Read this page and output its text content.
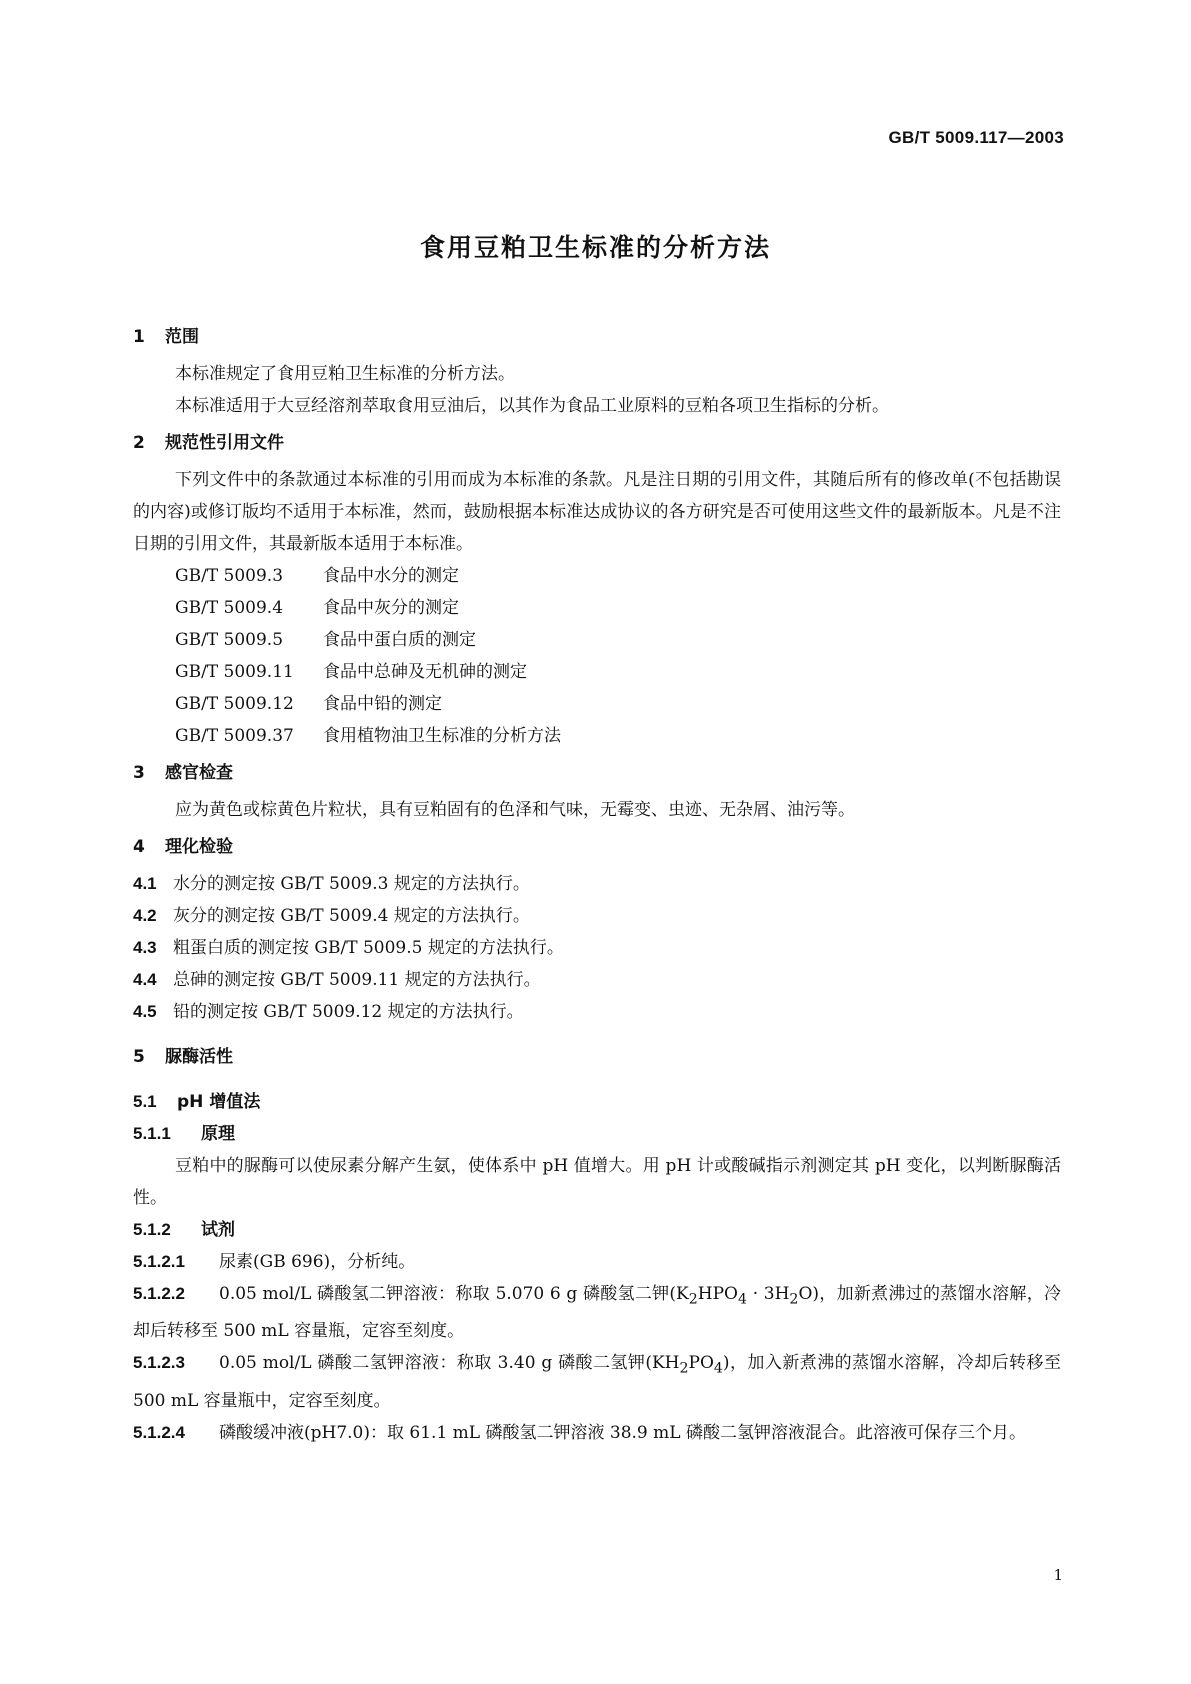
GB/T 5009.117—2003
食用豆粕卫生标准的分析方法
1 范围
本标准规定了食用豆粕卫生标准的分析方法。
本标准适用于大豆经溶剂萃取食用豆油后，以其作为食品工业原料的豆粕各项卫生指标的分析。
2 规范性引用文件
下列文件中的条款通过本标准的引用而成为本标准的条款。凡是注日期的引用文件，其随后所有的修改单(不包括勘误的内容)或修订版均不适用于本标准，然而，鼓励根据本标准达成协议的各方研究是否可使用这些文件的最新版本。凡是不注日期的引用文件，其最新版本适用于本标准。
GB/T 5009.3 食品中水分的测定
GB/T 5009.4 食品中灰分的测定
GB/T 5009.5 食品中蛋白质的测定
GB/T 5009.11 食品中总砷及无机砷的测定
GB/T 5009.12 食品中铅的测定
GB/T 5009.37 食用植物油卫生标准的分析方法
3 感官检查
应为黄色或棕黄色片粒状，具有豆粕固有的色泽和气味，无霉变、虫迹、无杂屑、油污等。
4 理化检验
4.1 水分的测定按 GB/T 5009.3 规定的方法执行。
4.2 灰分的测定按 GB/T 5009.4 规定的方法执行。
4.3 粗蛋白质的测定按 GB/T 5009.5 规定的方法执行。
4.4 总砷的测定按 GB/T 5009.11 规定的方法执行。
4.5 铅的测定按 GB/T 5009.12 规定的方法执行。
5 脲酶活性
5.1 pH 增值法
5.1.1 原理
豆粕中的脲酶可以使尿素分解产生氨，使体系中 pH 值增大。用 pH 计或酸碱指示剂测定其 pH 变化，以判断脲酶活性。
5.1.2 试剂
5.1.2.1 尿素(GB 696)，分析纯。
5.1.2.2 0.05 mol/L 磷酸氢二钾溶液：称取 5.070 6 g 磷酸氢二钾$(K_2HPO_4 \cdot 3H_2O)$，加新煮沸过的蒸馏水溶解，冷却后转移至 500 mL 容量瓶，定容至刻度。
5.1.2.3 0.05 mol/L 磷酸二氢钾溶液：称取 3.40 g 磷酸二氢钾$(KH_2PO_4)$，加入新煮沸的蒸馏水溶解，冷却后转移至 500 mL 容量瓶中，定容至刻度。
5.1.2.4 磷酸缓冲液(pH7.0)：取 61.1 mL 磷酸氢二钾溶液 38.9 mL 磷酸二氢钾溶液混合。此溶液可保存三个月。
1
